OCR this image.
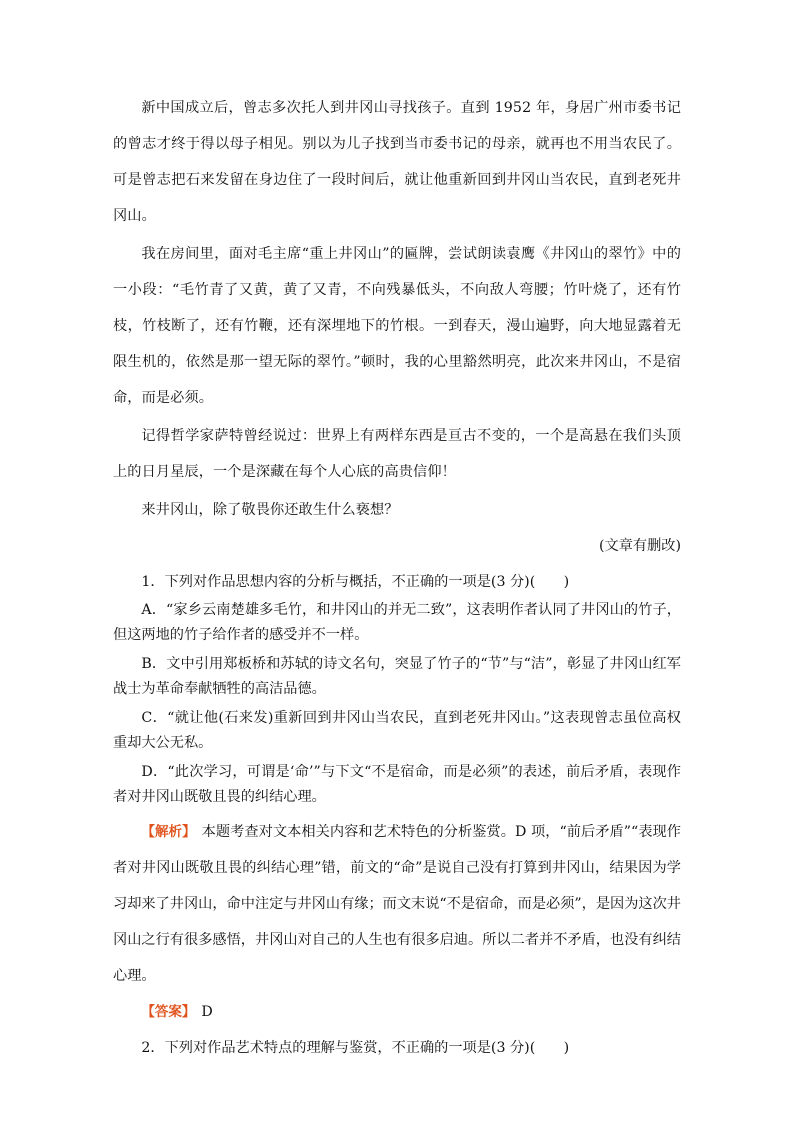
新中国成立后，曾志多次托人到井冈山寻找孩子。直到 1952 年，身居广州市委书记的曾志才终于得以母子相见。别以为儿子找到当市委书记的母亲，就再也不用当农民了。可是曾志把石来发留在身边住了一段时间后，就让他重新回到井冈山当农民，直到老死井冈山。

我在房间里，面对毛主席“重上井冈山”的匾牌，尝试朗读袁鹰《井冈山的翠竹》中的一小段：“毛竹青了又黄，黄了又青，不向残暴低头，不向敌人弯腰；竹叶烧了，还有竹枝，竹枝断了，还有竹鞭，还有深埋地下的竹根。一到春天，漫山遍野，向大地显露着无限生机的，依然是那一望无际的翠竹。”顿时，我的心里豁然明亮，此次来井冈山，不是宿命，而是必须。

记得哲学家萨特曾经说过：世界上有两样东西是亘古不变的，一个是高悬在我们头顶上的日月星辰，一个是深藏在每个人心底的高贵信仰！

来井冈山，除了敬畏你还敢生什么亵想？

(文章有删改)

1．下列对作品思想内容的分析与概括，不正确的一项是(3 分)(　　)

A．“家乡云南楚雄多毛竹，和井冈山的并无二致”，这表明作者认同了井冈山的竹子，但这两地的竹子给作者的感受并不一样。

B．文中引用郑板桥和苏轼的诗文名句，突显了竹子的“节”与“洁”，彰显了井冈山红军战士为革命奉献牺牲的高洁品德。

C．“就让他(石来发)重新回到井冈山当农民，直到老死井冈山。”这表现曾志虽位高权重却大公无私。

D．“此次学习，可谓是‘命’”与下文“不是宿命，而是必须”的表述，前后矛盾，表现作者对井冈山既敬且畏的纠结心理。

【解析】 本题考查对文本相关内容和艺术特色的分析鉴赏。D 项，“前后矛盾”“表现作者对井冈山既敬且畏的纠结心理”错，前文的“命”是说自己没有打算到井冈山，结果因为学习却来了井冈山，命中注定与井冈山有缘；而文末说“不是宿命，而是必须”，是因为这次井冈山之行有很多感悟，井冈山对自己的人生也有很多启迪。所以二者并不矛盾，也没有纠结心理。

【答案】 D

2．下列对作品艺术特点的理解与鉴赏，不正确的一项是(3 分)(　　)
